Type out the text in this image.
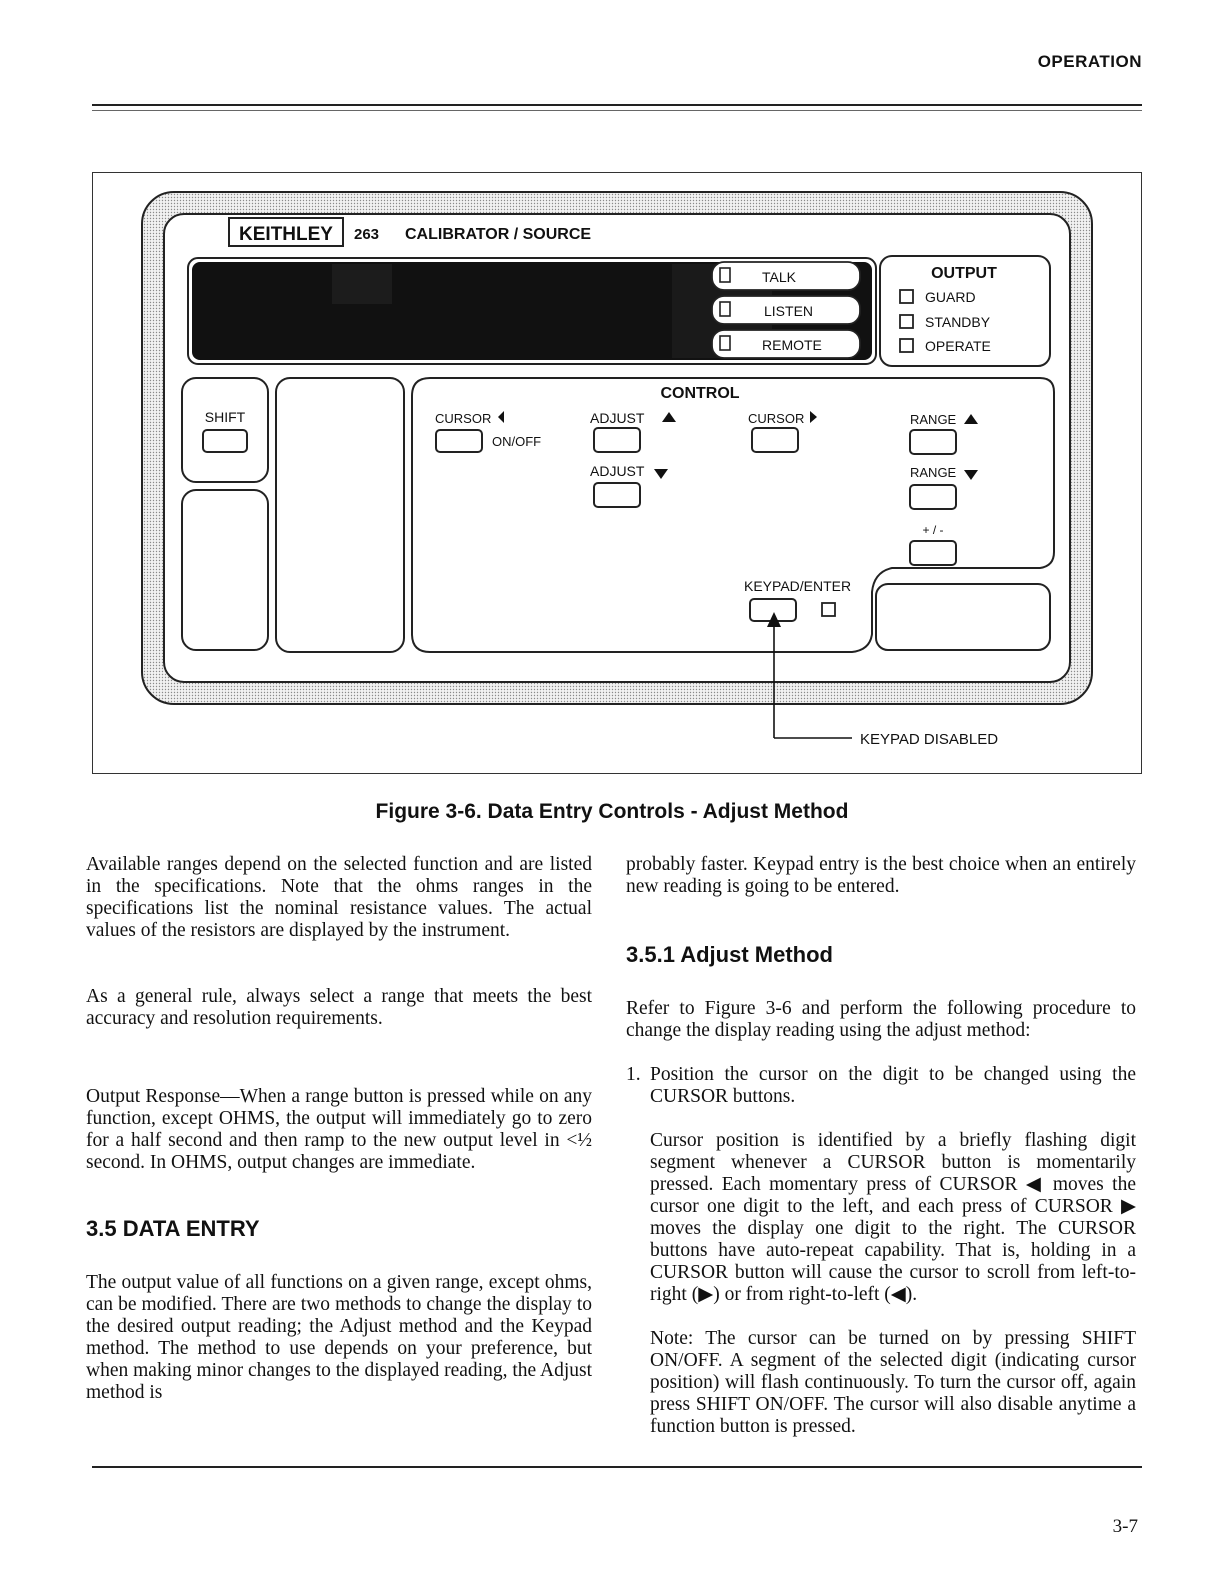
OPERATION
KEITHLEY 263 CALIBRATOR / SOURCE
TALK
LISTEN
REMOTE
OUTPUT
GUARD
STANDBY
OPERATE
SHIFT
CONTROL
CURSOR
ON/OFF
ADJUST
ADJUST
CURSOR	RANGE
RANGE
+ / -
KEYPAD/ENTER
KEYPAD DISABLED
Figure 3-6. Data Entry Controls - Adjust Method

Available ranges depend on the selected function and are listed in the specifications. Note that the ohms ranges in the specifications list the nominal resistance values. The actual values of the resistors are displayed by the instrument.

As a general rule, always select a range that meets the best accuracy and resolution requirements.

Output Response—When a range button is pressed while on any function, except OHMS, the output will immediately go to zero for a half second and then ramp to the new output level in <½ second. In OHMS, output changes are immediate.

3.5 DATA ENTRY

The output value of all functions on a given range, except ohms, can be modified. There are two methods to change the display to the desired output reading; the Adjust method and the Keypad method. The method to use depends on your preference, but when making minor changes to the displayed reading, the Adjust method is

probably faster. Keypad entry is the best choice when an entirely new reading is going to be entered.

3.5.1 Adjust Method

Refer to Figure 3-6 and perform the following procedure to change the display reading using the adjust method:

1. Position the cursor on the digit to be changed using the CURSOR buttons.

Cursor position is identified by a briefly flashing digit segment whenever a CURSOR button is momentarily pressed. Each momentary press of CURSOR ◀ moves the cursor one digit to the left, and each press of CURSOR ▶ moves the display one digit to the right. The CURSOR buttons have auto-repeat capability. That is, holding in a CURSOR button will cause the cursor to scroll from left-to-right (▶) or from right-to-left (◀).

Note: The cursor can be turned on by pressing SHIFT ON/OFF. A segment of the selected digit (indicating cursor position) will flash continuously. To turn the cursor off, again press SHIFT ON/OFF. The cursor will also disable anytime a function button is pressed.

3-7
